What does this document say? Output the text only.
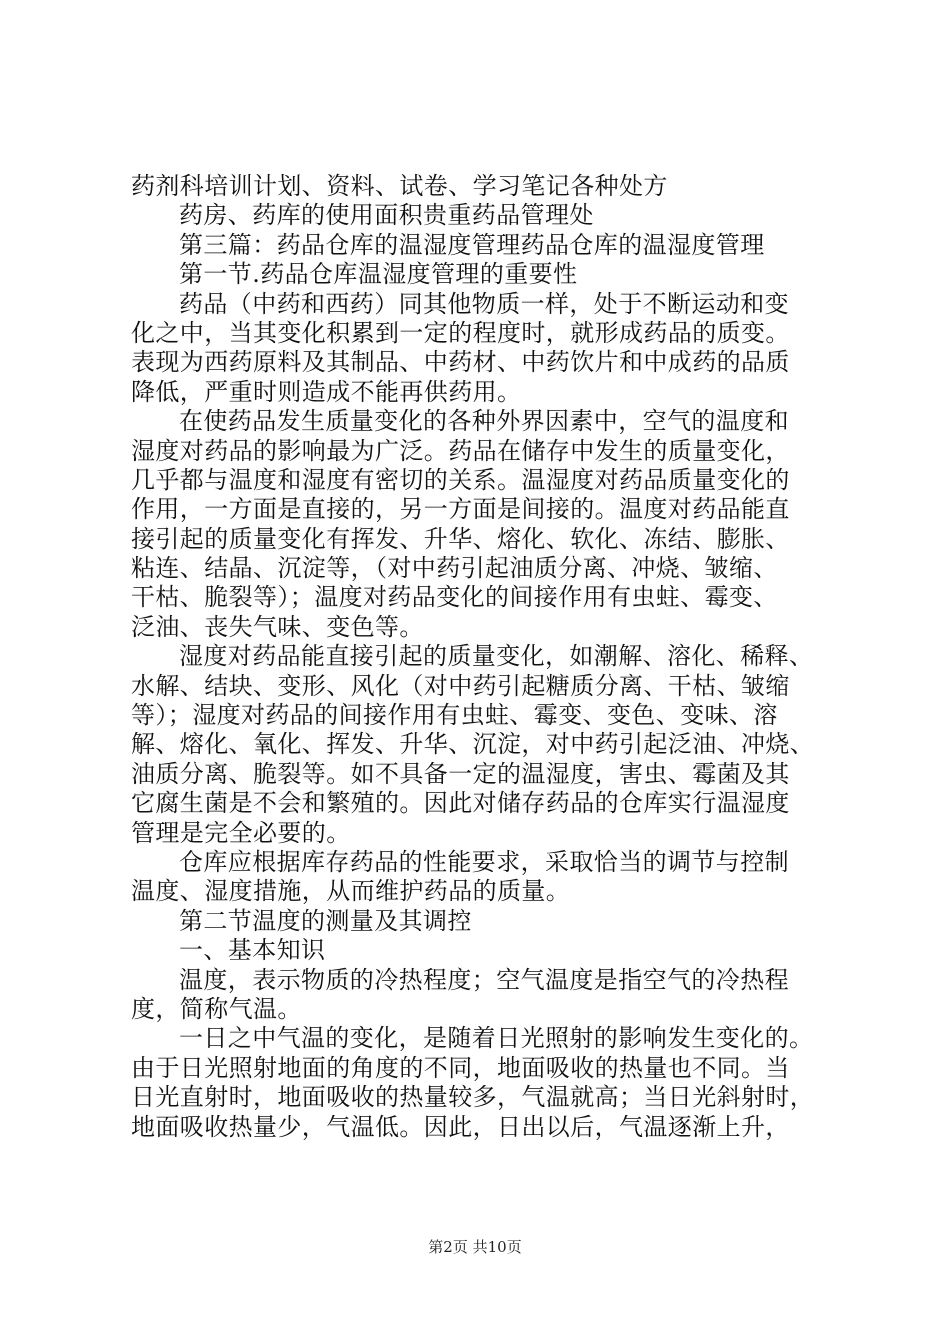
药剂科培训计划、资料、试卷、学习笔记各种处方
药房、药库的使用面积贵重药品管理处
第三篇：药品仓库的温湿度管理药品仓库的温湿度管理
第一节.药品仓库温湿度管理的重要性
药品（中药和西药）同其他物质一样，处于不断运动和变
化之中，当其变化积累到一定的程度时，就形成药品的质变。
表现为西药原料及其制品、中药材、中药饮片和中成药的品质
降低，严重时则造成不能再供药用。
在使药品发生质量变化的各种外界因素中，空气的温度和
湿度对药品的影响最为广泛。药品在储存中发生的质量变化，
几乎都与温度和湿度有密切的关系。温湿度对药品质量变化的
作用，一方面是直接的，另一方面是间接的。温度对药品能直
接引起的质量变化有挥发、升华、熔化、软化、冻结、膨胀、
粘连、结晶、沉淀等，（对中药引起油质分离、冲烧、皱缩、
干枯、脆裂等）；温度对药品变化的间接作用有虫蛀、霉变、
泛油、丧失气味、变色等。
湿度对药品能直接引起的质量变化，如潮解、溶化、稀释、
水解、结块、变形、风化（对中药引起糖质分离、干枯、皱缩
等）；湿度对药品的间接作用有虫蛀、霉变、变色、变味、溶
解、熔化、氧化、挥发、升华、沉淀，对中药引起泛油、冲烧、
油质分离、脆裂等。如不具备一定的温湿度，害虫、霉菌及其
它腐生菌是不会和繁殖的。因此对储存药品的仓库实行温湿度
管理是完全必要的。
仓库应根据库存药品的性能要求，采取恰当的调节与控制
温度、湿度措施，从而维护药品的质量。
第二节温度的测量及其调控
一、基本知识
温度，表示物质的冷热程度；空气温度是指空气的冷热程
度，简称气温。
一日之中气温的变化，是随着日光照射的影响发生变化的。
由于日光照射地面的角度的不同，地面吸收的热量也不同。当
日光直射时，地面吸收的热量较多，气温就高；当日光斜射时，
地面吸收热量少，气温低。因此，日出以后，气温逐渐上升，
第2页 共10页
